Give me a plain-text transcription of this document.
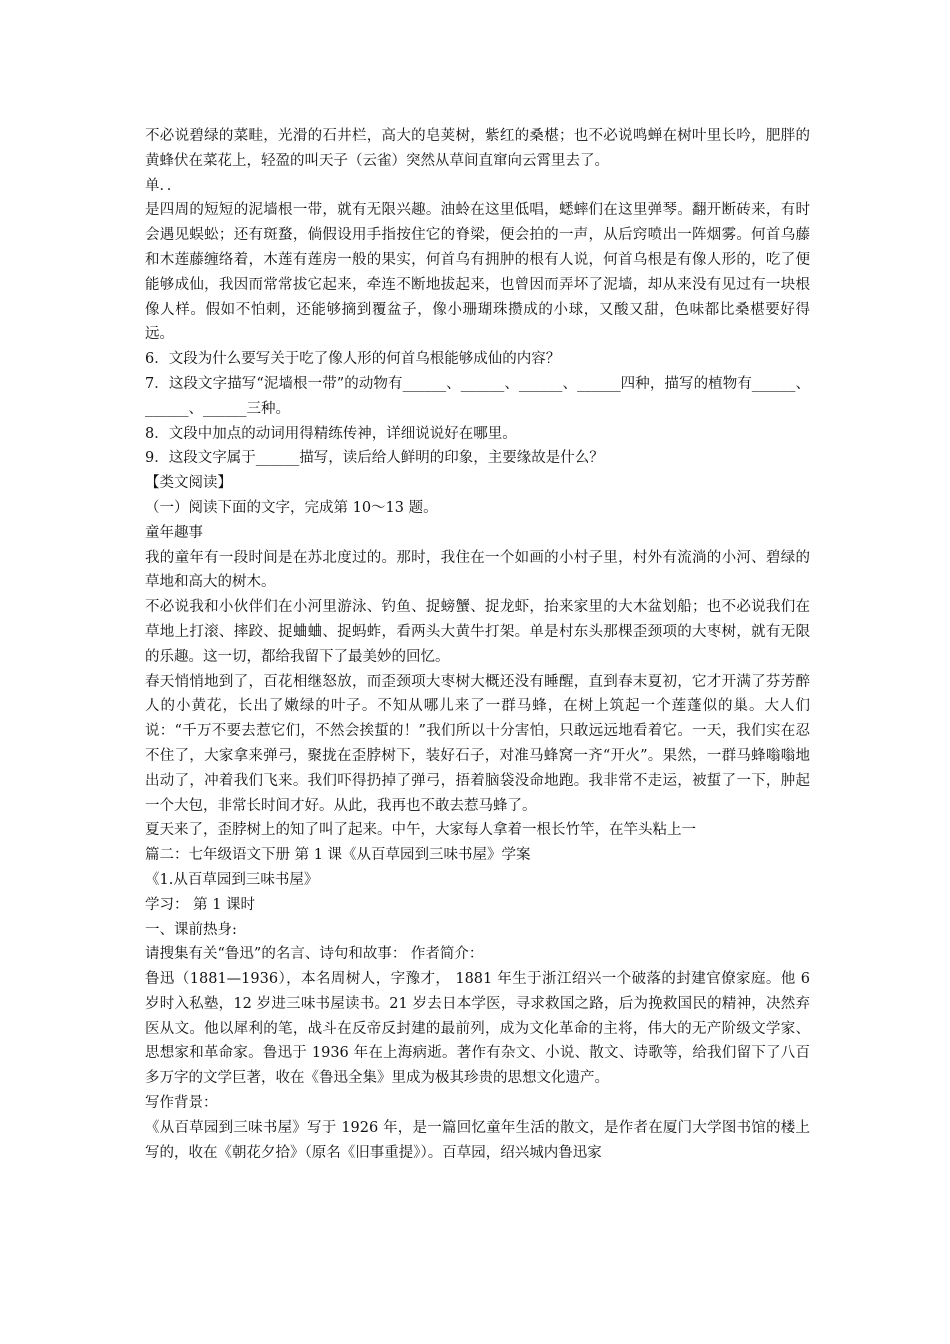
不必说碧绿的菜畦，光滑的石井栏，高大的皂荚树，紫红的桑椹；也不必说鸣蝉在树叶里长吟，肥胖的黄蜂伏在菜花上，轻盈的叫天子（云雀）突然从草间直窜向云霄里去了。

单．．

是四周的短短的泥墙根一带，就有无限兴趣。油蛉在这里低唱，蟋蟀们在这里弹琴。翻开断砖来，有时会遇见蜈蚣；还有斑蝥，倘假设用手指按住它的脊梁，便会拍的一声，从后窍喷出一阵烟雾。何首乌藤和木莲藤缠络着，木莲有莲房一般的果实，何首乌有拥肿的根有人说，何首乌根是有像人形的，吃了便能够成仙，我因而常常拔它起来，牵连不断地拔起来，也曾因而弄坏了泥墙，却从来没有见过有一块根像人样。假如不怕刺，还能够摘到覆盆子，像小珊瑚珠攒成的小球，又酸又甜，色味都比桑椹要好得远。

6．文段为什么要写关于吃了像人形的何首乌根能够成仙的内容？

7．这段文字描写“泥墙根一带”的动物有______、______、______、______四种，描写的植物有______、______、______三种。

8．文段中加点的动词用得精练传神，详细说说好在哪里。

9．这段文字属于______描写，读后给人鲜明的印象，主要缘故是什么？

【类文阅读】

（一）阅读下面的文字，完成第 10～13 题。

童年趣事

我的童年有一段时间是在苏北度过的。那时，我住在一个如画的小村子里，村外有流淌的小河、碧绿的草地和高大的树木。

不必说我和小伙伴们在小河里游泳、钓鱼、捉螃蟹、捉龙虾，抬来家里的大木盆划船；也不必说我们在草地上打滚、摔跤、捉蛐蛐、捉蚂蚱，看两头大黄牛打架。单是村东头那棵歪颈项的大枣树，就有无限的乐趣。这一切，都给我留下了最美妙的回忆。

春天悄悄地到了，百花相继怒放，而歪颈项大枣树大概还没有睡醒，直到春末夏初，它才开满了芬芳醉人的小黄花，长出了嫩绿的叶子。不知从哪儿来了一群马蜂，在树上筑起一个莲蓬似的巢。大人们说：“千万不要去惹它们，不然会挨蜇的！”我们所以十分害怕，只敢远远地看着它。一天，我们实在忍不住了，大家拿来弹弓，聚拢在歪脖树下，装好石子，对准马蜂窝一齐“开火”。果然，一群马蜂嗡嗡地出动了，冲着我们飞来。我们吓得扔掉了弹弓，捂着脑袋没命地跑。我非常不走运，被蜇了一下，肿起一个大包，非常长时间才好。从此，我再也不敢去惹马蜂了。

夏天来了，歪脖树上的知了叫了起来。中午，大家每人拿着一根长竹竿，在竿头粘上一

篇二：七年级语文下册 第 1 课《从百草园到三味书屋》学案

《1.从百草园到三味书屋》

学习： 第 1 课时

一、课前热身:

请搜集有关“鲁迅”的名言、诗句和故事： 作者简介：

鲁迅（1881—1936），本名周树人，字豫才， 1881 年生于浙江绍兴一个破落的封建官僚家庭。他 6 岁时入私塾，12 岁进三味书屋读书。21 岁去日本学医，寻求救国之路，后为挽救国民的精神，决然弃医从文。他以犀利的笔，战斗在反帝反封建的最前列，成为文化革命的主将，伟大的无产阶级文学家、思想家和革命家。鲁迅于 1936 年在上海病逝。著作有杂文、小说、散文、诗歌等，给我们留下了八百多万字的文学巨著，收在《鲁迅全集》里成为极其珍贵的思想文化遗产。

写作背景：

《从百草园到三味书屋》写于 1926 年，是一篇回忆童年生活的散文，是作者在厦门大学图书馆的楼上写的，收在《朝花夕拾》（原名《旧事重提》）。百草园，绍兴城内鲁迅家
